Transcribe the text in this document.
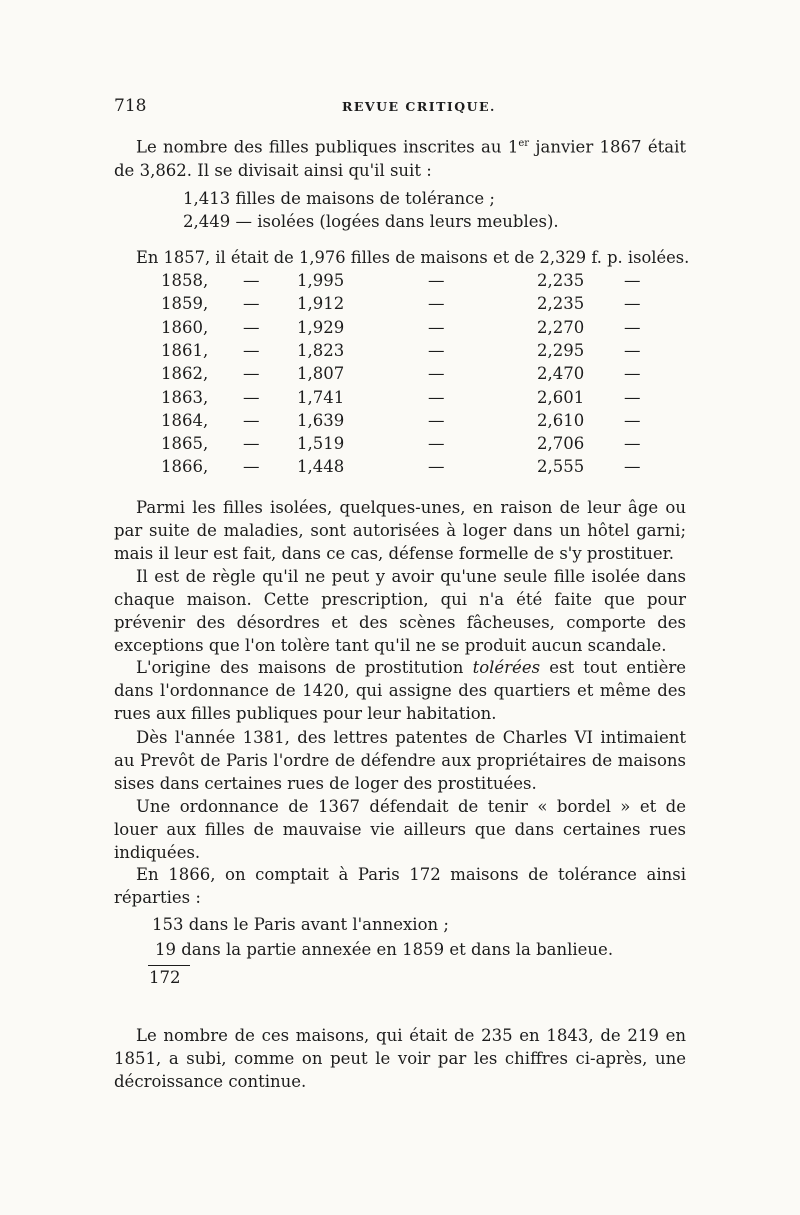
718	REVUE CRITIQUE.

Le nombre des filles publiques inscrites au 1er janvier 1867 était de 3,862. Il se divisait ainsi qu'il suit :

1,413 filles de maisons de tolérance ;
2,449 — isolées (logées dans leurs meubles).
En 1857, il était de 1,976 filles de maisons et de 2,329 f. p. isolées.
1858, — 1,995	—	2,235 —
1859, — 1,912	—	2,235 —
1860, — 1,929	—	2,270 —
1861, — 1,823	—	2,295 —
1862, — 1,807	—	2,470 —
1863, — 1,741	—	2,601 —
1864, — 1,639	—	2,610 —
1865, — 1,519	—	2,706 —
1866, — 1,448	—	2,555 —

Parmi les filles isolées, quelques-unes, en raison de leur âge ou par suite de maladies, sont autorisées à loger dans un hôtel garni; mais il leur est fait, dans ce cas, défense formelle de s'y prostituer.

Il est de règle qu'il ne peut y avoir qu'une seule fille isolée dans chaque maison. Cette prescription, qui n'a été faite que pour prévenir des désordres et des scènes fâcheuses, comporte des exceptions que l'on tolère tant qu'il ne se produit aucun scandale.

L'origine des maisons de prostitution tolérées est tout entière dans l'ordonnance de 1420, qui assigne des quartiers et même des rues aux filles publiques pour leur habitation.

Dès l'année 1381, des lettres patentes de Charles VI intimaient au Prevôt de Paris l'ordre de défendre aux propriétaires de maisons sises dans certaines rues de loger des prostituées.

Une ordonnance de 1367 défendait de tenir « bordel » et de louer aux filles de mauvaise vie ailleurs que dans certaines rues indiquées.

En 1866, on comptait à Paris 172 maisons de tolérance ainsi réparties :

153 dans le Paris avant l'annexion ;
19 dans la partie annexée en 1859 et dans la banlieue.
172

Le nombre de ces maisons, qui était de 235 en 1843, de 219 en 1851, a subi, comme on peut le voir par les chiffres ci-après, une décroissance continue.
